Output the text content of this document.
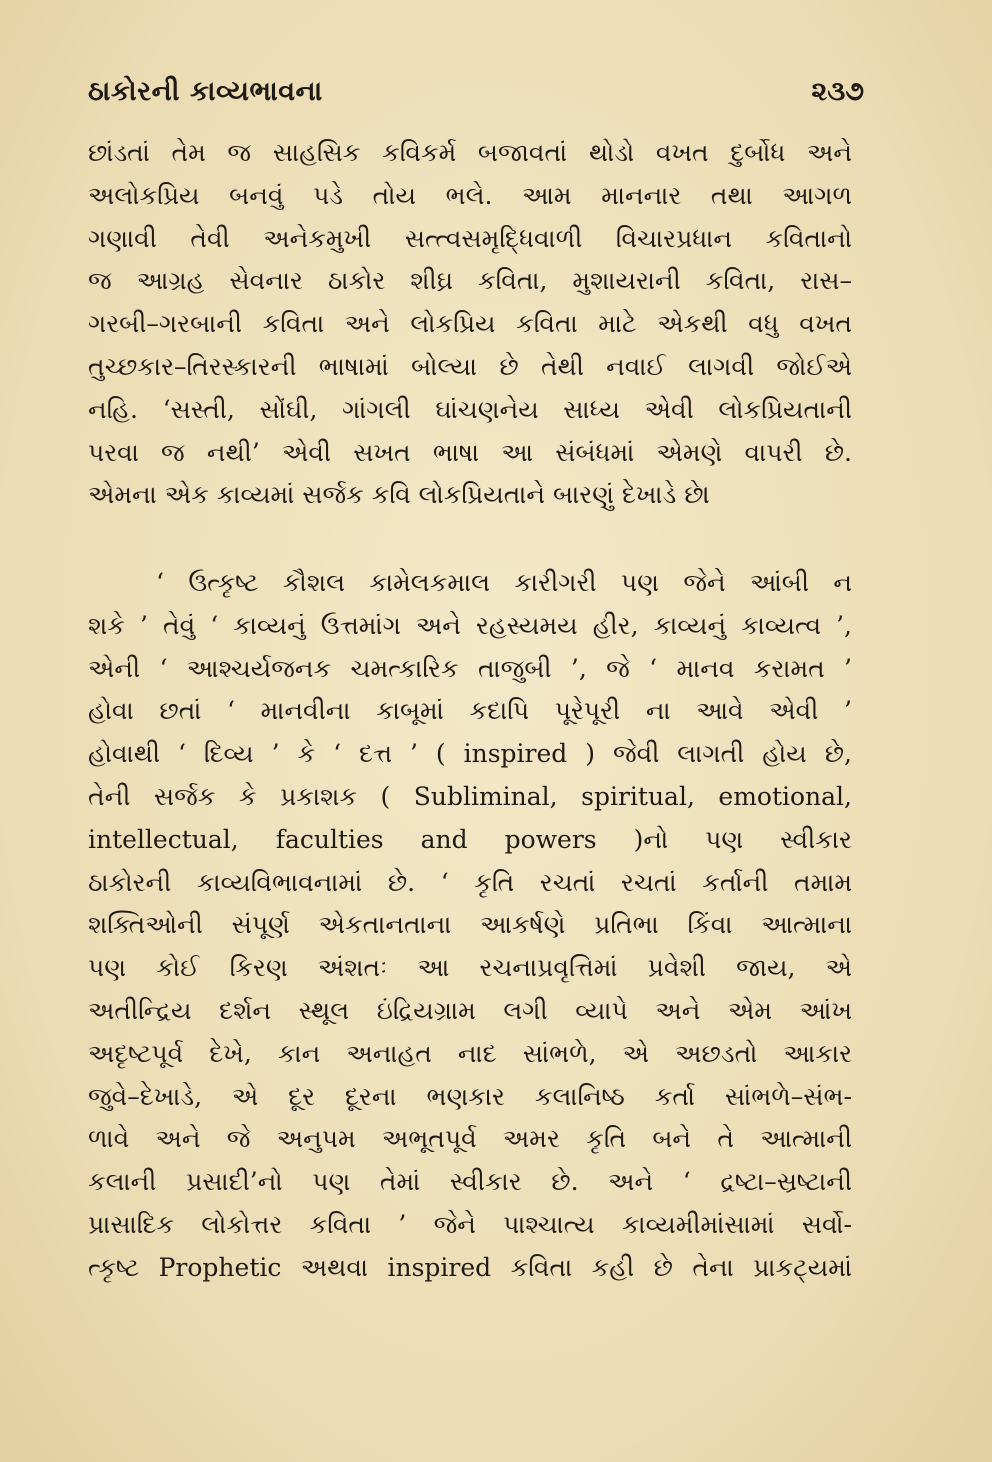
ઠાકોરની કાવ્યભાવના	૨૩૭
છાંડતાં તેમ જ સાહસિક કવિકર્મ બજાવતાં થોડો વખત દુર્બોધ અને
અલોકપ્રિય બનવું પડે તોય ભલે. આમ માનનાર તથા આગળ
ગણાવી તેવી અનેકમુખી સત્ત્વસમૃદ્ધિવાળી વિચારપ્રધાન કવિતાનો
જ આગ્રહ સેવનાર ઠાકોર શીઘ્ર કવિતા, મુશાયરાની કવિતા, રાસ–
ગરબી–ગરબાની કવિતા અને લોકપ્રિય કવિતા માટે એકથી વધુ વખત
તુચ્છકાર–તિરસ્કારની ભાષામાં બોલ્યા છે તેથી નવાઈ લાગવી જોઈએ
નહિ. ‘સસ્તી, સોંઘી, ગાંગલી ઘાંચણનેય સાધ્ય એવી લોકપ્રિયતાની
પરવા જ નથી’ એવી સખત ભાષા આ સંબંધમાં એમણે વાપરી છે.
એમના એક કાવ્યમાં સર્જક કવિ લોકપ્રિયતાને બારણું દેખાડે છે।
‘ ઉત્કૃષ્ટ કૌશલ કામેલકમાલ કારીગરી પણ જેને આંબી ન
શકે ’ તેવું ‘ કાવ્યનું ઉત્તમાંગ અને રહસ્યમય હીર, કાવ્યનું કાવ્યત્વ ’,
એની ‘ આશ્ચર્યજનક ચમત્કારિક તાજુબી ’, જે ‘ માનવ કરામત ’
હોવા છતાં ‘ માનવીના કાબૂમાં કદાપિ પૂરેપૂરી ના આવે એવી ’
હોવાથી ‘ દિવ્ય ’ કે ‘ દત્ત ’ ( inspired ) જેવી લાગતી હોય છે,
તેની સર્જક કે પ્રકાશક ( Subliminal, spiritual, emotional,
intellectual, faculties and powers )નો પણ સ્વીકાર
ઠાકોરની કાવ્યવિભાવનામાં છે. ‘ કૃતિ રચતાં રચતાં કર્તાની તમામ
શક્તિઓની સંપૂર્ણ એકતાનતાના આકર્ષણે પ્રતિભા કિંવા આત્માના
પણ કોઈ કિરણ અંશતઃ આ રચનાપ્રવૃત્તિમાં પ્રવેશી જાય, એ
અતીન્દ્રિય દર્શન સ્થૂલ ઇંદ્રિયગ્રામ લગી વ્યાપે અને એમ આંખ
અદૃષ્ટપૂર્વ દેખે, કાન અનાહત નાદ સાંભળે, એ અછડતો આકાર
જુવે–દેખાડે, એ દૂર દૂરના ભણકાર કલાનિષ્ઠ કર્તા સાંભળે–સંભ-
ળાવે અને જે અનુપમ અભૂતપૂર્વ અમર કૃતિ બને તે આત્માની
કલાની પ્રસાદી’નો પણ તેમાં સ્વીકાર છે. અને ‘ દ્રષ્ટા–સ્રષ્ટાની
પ્રાસાદિક લોકોત્તર કવિતા ’ જેને પાશ્ચાત્ય કાવ્યમીમાંસામાં સર્વો-
ત્કૃષ્ટ Prophetic અથવા inspired કવિતા કહી છે તેના પ્રાકટ્યમાં
